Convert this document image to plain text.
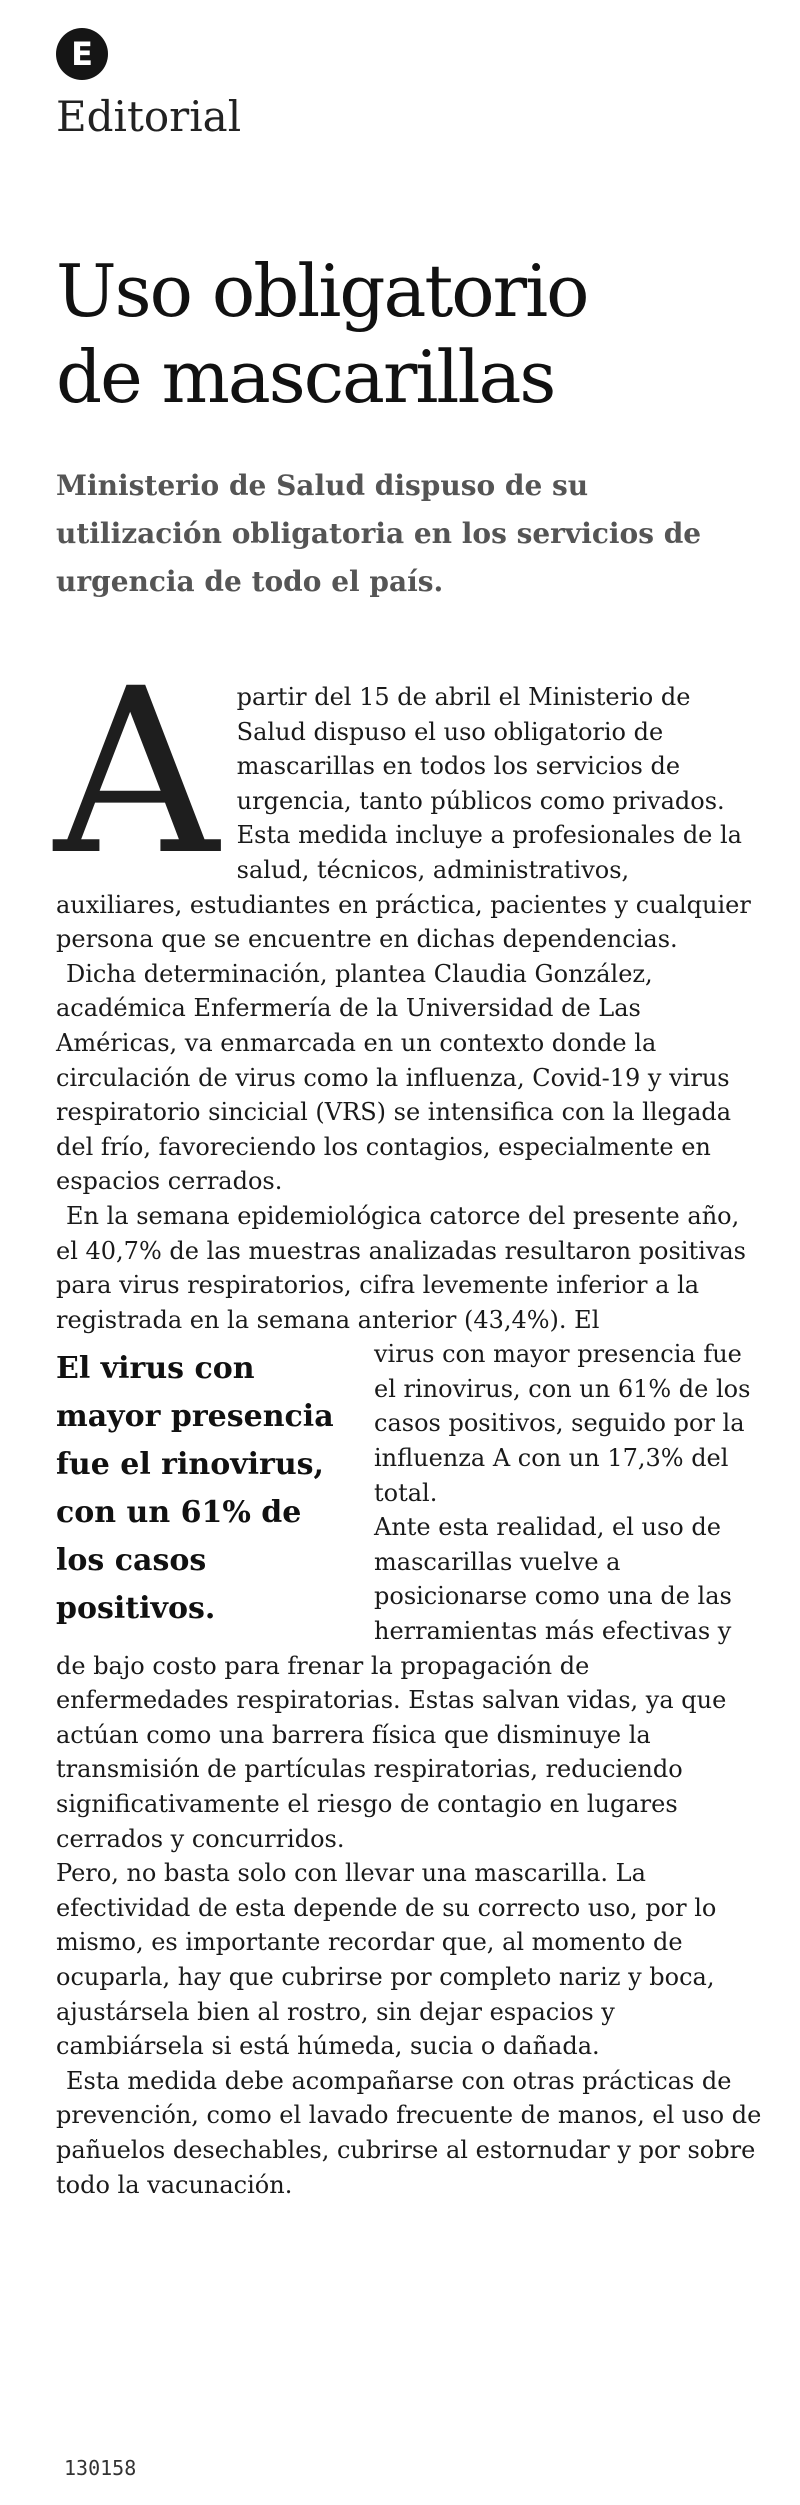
E
Editorial
Uso obligatorio
de mascarillas

Ministerio de Salud dispuso de su utilización obligatoria en los servicios de urgencia de todo el país.

Apartir del 15 de abril el Ministerio de Salud dispuso el uso obligatorio de mascarillas en todos los servicios de urgencia, tanto públicos como privados. Esta medida incluye a profesionales de la salud, técnicos, administrativos, auxiliares, estudiantes en práctica, pacientes y cualquier persona que se encuentre en dichas dependencias.

Dicha determinación, plantea Claudia González, académica Enfermería de la Universidad de Las Américas, va enmarcada en un contexto donde la circulación de virus como la influenza, Covid-19 y virus respiratorio sincicial (VRS) se intensifica con la llegada del frío, favoreciendo los contagios, especialmente en espacios cerrados.

En la semana epidemiológica catorce del presente año, el 40,7% de las muestras analizadas resultaron positivas para virus respiratorios, cifra levemente inferior a la registrada en la semana anterior (43,4%). El

El virus con mayor presencia fue el rinovirus, con un 61% de los casos positivos.

virus con mayor presencia fue el rinovirus, con un 61% de los casos positivos, seguido por la influenza A con un 17,3% del total.

Ante esta realidad, el uso de mascarillas vuelve a posicionarse como una de las herramientas más efectivas y de bajo costo para frenar la propagación de enfermedades respiratorias. Estas salvan vidas, ya que actúan como una barrera física que disminuye la transmisión de partículas respiratorias, reduciendo significativamente el riesgo de contagio en lugares cerrados y concurridos.

Pero, no basta solo con llevar una mascarilla. La efectividad de esta depende de su correcto uso, por lo mismo, es importante recordar que, al momento de ocuparla, hay que cubrirse por completo nariz y boca, ajustársela bien al rostro, sin dejar espacios y cambiársela si está húmeda, sucia o dañada.

Esta medida debe acompañarse con otras prácticas de prevención, como el lavado frecuente de manos, el uso de pañuelos desechables, cubrirse al estornudar y por sobre todo la vacunación.

130158
